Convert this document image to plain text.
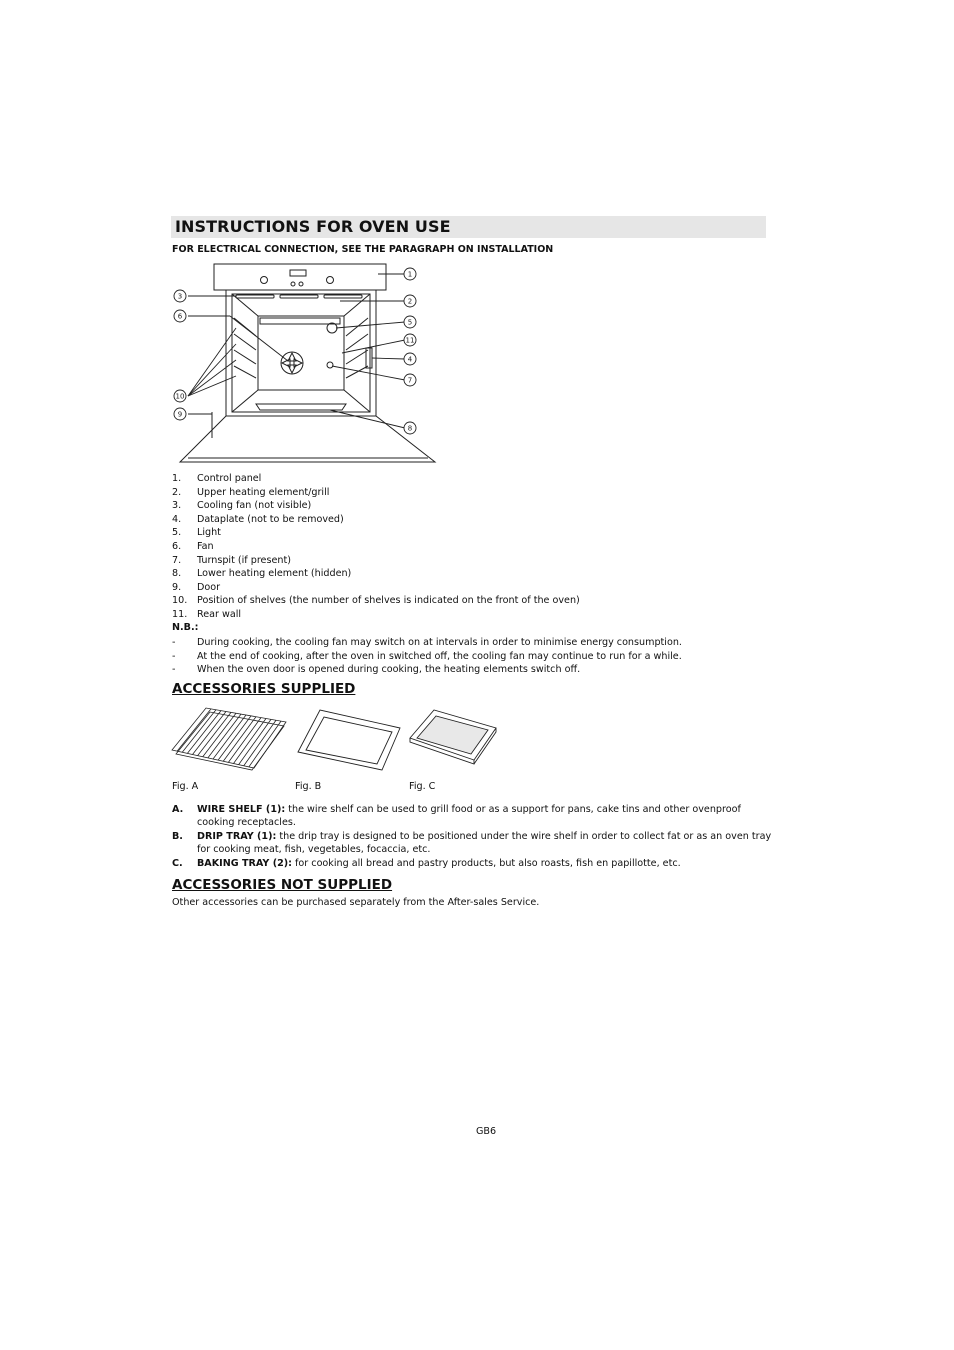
INSTRUCTIONS FOR OVEN USE
FOR ELECTRICAL CONNECTION, SEE THE PARAGRAPH ON INSTALLATION
1
2
3
4
5
6
7
8
9
10
11
1. Control panel
2. Upper heating element/grill
3. Cooling fan (not visible)
4. Dataplate (not to be removed)
5. Light
6. Fan
7. Turnspit (if present)
8. Lower heating element (hidden)
9. Door
10. Position of shelves (the number of shelves is indicated on the front of the oven)
11. Rear wall
N.B.:
- During cooking, the cooling fan may switch on at intervals in order to minimise energy consumption.
- At the end of cooking, after the oven in switched off, the cooling fan may continue to run for a while.
- When the oven door is opened during cooking, the heating elements switch off.
ACCESSORIES SUPPLIED
Fig. A	Fig. B	Fig. C
A. WIRE SHELF (1): the wire shelf can be used to grill food or as a support for pans, cake tins and other ovenproof cooking receptacles.
B. DRIP TRAY (1): the drip tray is designed to be positioned under the wire shelf in order to collect fat or as an oven tray for cooking meat, fish, vegetables, focaccia, etc.
C. BAKING TRAY (2): for cooking all bread and pastry products, but also roasts, fish en papillotte, etc.
ACCESSORIES NOT SUPPLIED
Other accessories can be purchased separately from the After-sales Service.
GB6
